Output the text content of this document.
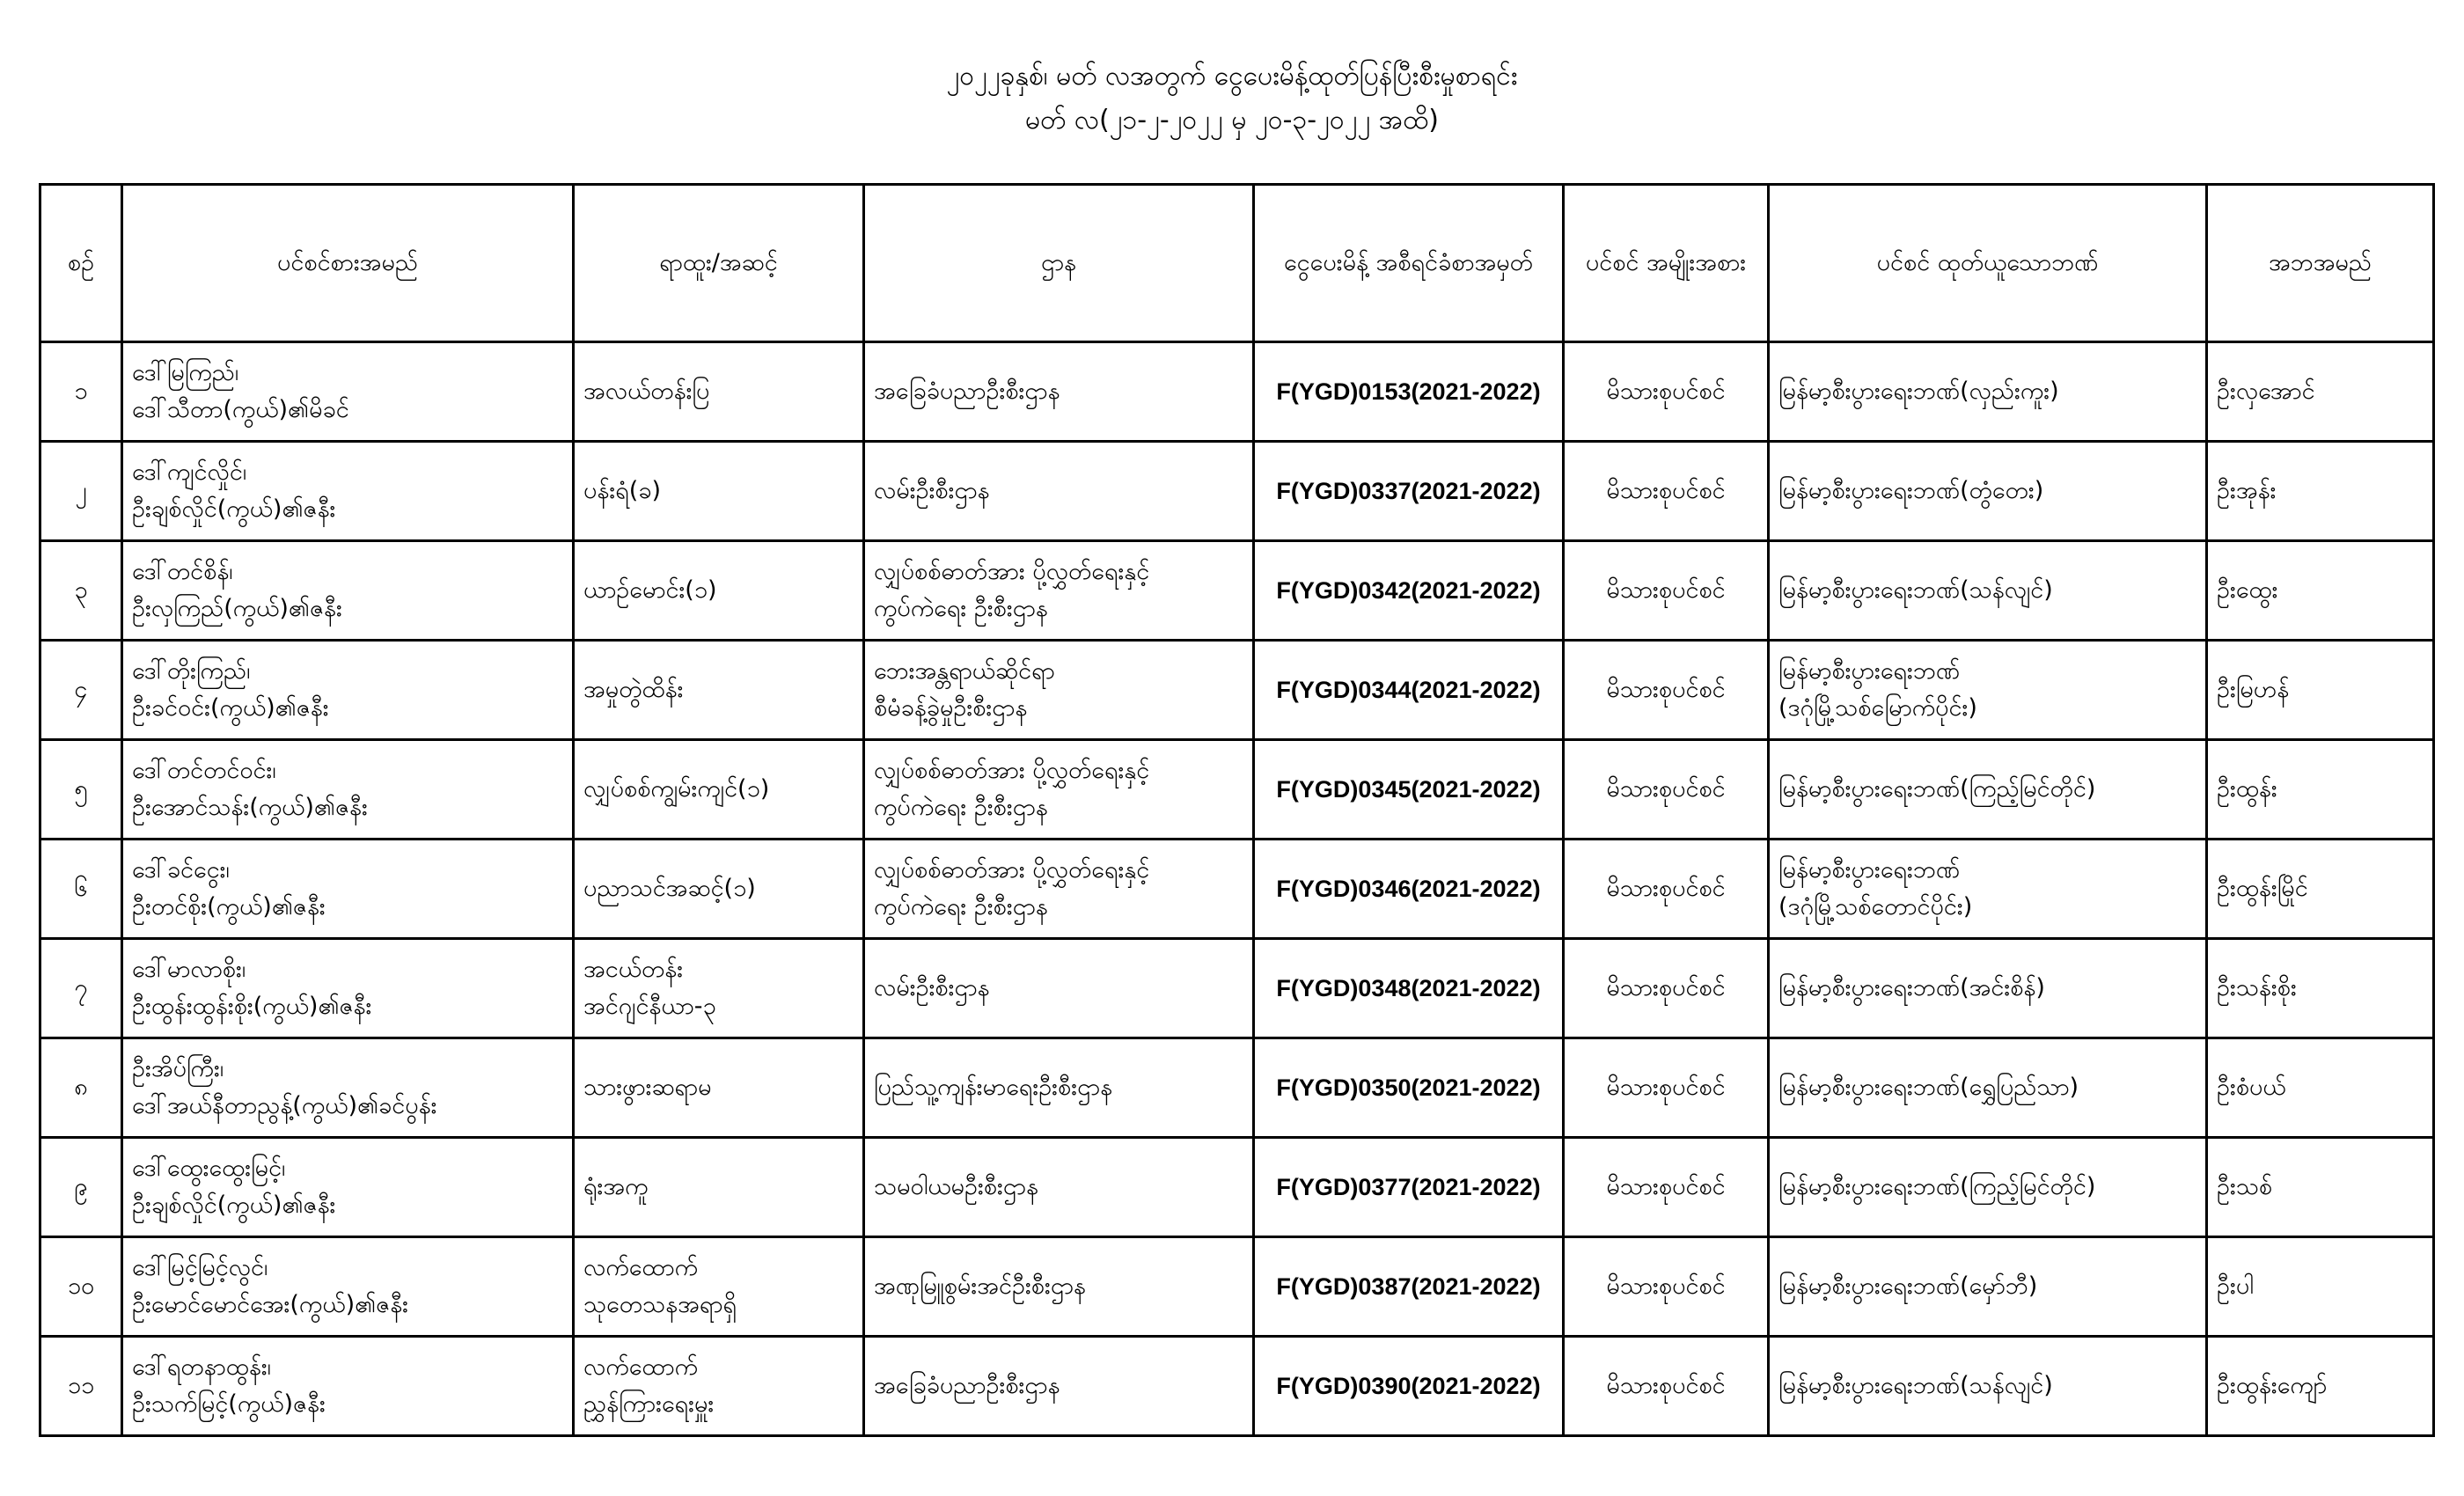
၂၀၂၂ခုနှစ်၊ မတ် လအတွက် ငွေပေးမိန့်ထုတ်ပြန်ပြီးစီးမှုစာရင်း

မတ် လ(၂၁-၂-၂၀၂၂ မှ ၂၀-၃-၂၀၂၂ အထိ)

စဉ်	ပင်စင်စားအမည်	ရာထူး/အဆင့်	ဌာန	ငွေပေးမိန့် အစီရင်ခံစာအမှတ်	ပင်စင် အမျိုးအစား	ပင်စင် ထုတ်ယူသောဘဏ်	အဘအမည်

၁	ဒေါ်မြကြည်၊
ဒေါ်သီတာ(ကွယ်)၏မိခင်	အလယ်တန်းပြ	အခြေခံပညာဦးစီးဌာန	F(YGD)0153(2021-2022)	မိသားစုပင်စင်	မြန်မာ့စီးပွားရေးဘဏ်(လှည်းကူး)	ဦးလှအောင်

၂	ဒေါ်ကျင်လှိုင်၊
ဦးချစ်လှိုင်(ကွယ်)၏ဇနီး	ပန်းရံ(ခ)	လမ်းဦးစီးဌာန	F(YGD)0337(2021-2022)	မိသားစုပင်စင်	မြန်မာ့စီးပွားရေးဘဏ်(တွံတေး)	ဦးအုန်း

၃	ဒေါ်တင်စိန်၊
ဦးလှကြည်(ကွယ်)၏ဇနီး	ယာဉ်မောင်း(၁)	လျှပ်စစ်ဓာတ်အား ပို့လွှတ်ရေးနှင့်
ကွပ်ကဲရေး ဦးစီးဌာန	F(YGD)0342(2021-2022)	မိသားစုပင်စင်	မြန်မာ့စီးပွားရေးဘဏ်(သန်လျင်)	ဦးထွေး

၄	ဒေါ်တိုးကြည်၊
ဦးခင်ဝင်း(ကွယ်)၏ဇနီး	အမှုတွဲထိန်း	ဘေးအန္တရာယ်ဆိုင်ရာ
စီမံခန့်ခွဲမှုဦးစီးဌာန	F(YGD)0344(2021-2022)	မိသားစုပင်စင်	မြန်မာ့စီးပွားရေးဘဏ်
(ဒဂုံမြို့သစ်မြောက်ပိုင်း)	ဦးမြဟန်

၅	ဒေါ်တင်တင်ဝင်း၊
ဦးအောင်သန်း(ကွယ်)၏ဇနီး	လျှပ်စစ်ကျွမ်းကျင်(၁)	လျှပ်စစ်ဓာတ်အား ပို့လွှတ်ရေးနှင့်
ကွပ်ကဲရေး ဦးစီးဌာန	F(YGD)0345(2021-2022)	မိသားစုပင်စင်	မြန်မာ့စီးပွားရေးဘဏ်(ကြည့်မြင်တိုင်)	ဦးထွန်း

၆	ဒေါ်ခင်ငွေး၊
ဦးတင်စိုး(ကွယ်)၏ဇနီး	ပညာသင်အဆင့်(၁)	လျှပ်စစ်ဓာတ်အား ပို့လွှတ်ရေးနှင့်
ကွပ်ကဲရေး ဦးစီးဌာန	F(YGD)0346(2021-2022)	မိသားစုပင်စင်	မြန်မာ့စီးပွားရေးဘဏ်
(ဒဂုံမြို့သစ်တောင်ပိုင်း)	ဦးထွန်းမြိုင်

၇	ဒေါ်မာလာစိုး၊
ဦးထွန်းထွန်းစိုး(ကွယ်)၏ဇနီး	အငယ်တန်း
အင်ဂျင်နီယာ-၃	လမ်းဦးစီးဌာန	F(YGD)0348(2021-2022)	မိသားစုပင်စင်	မြန်မာ့စီးပွားရေးဘဏ်(အင်းစိန်)	ဦးသန်းစိုး

၈	ဦးအိပ်ကြီး၊
ဒေါ်အယ်နီတာညွန့်(ကွယ်)၏ခင်ပွန်း	သားဖွားဆရာမ	ပြည်သူ့ကျန်းမာရေးဦးစီးဌာန	F(YGD)0350(2021-2022)	မိသားစုပင်စင်	မြန်မာ့စီးပွားရေးဘဏ်(ရွှေပြည်သာ)	ဦးစံပယ်

၉	ဒေါ်ထွေးထွေးမြင့်၊
ဦးချစ်လှိုင်(ကွယ်)၏ဇနီး	ရုံးအကူ	သမဝါယမဦးစီးဌာန	F(YGD)0377(2021-2022)	မိသားစုပင်စင်	မြန်မာ့စီးပွားရေးဘဏ်(ကြည့်မြင်တိုင်)	ဦးသစ်

၁၀	ဒေါ်မြင့်မြင့်လွင်၊
ဦးမောင်မောင်အေး(ကွယ်)၏ဇနီး	လက်ထောက်
သုတေသနအရာရှိ	အဏုမြူစွမ်းအင်ဦးစီးဌာန	F(YGD)0387(2021-2022)	မိသားစုပင်စင်	မြန်မာ့စီးပွားရေးဘဏ်(မှော်ဘီ)	ဦးပါ

၁၁	ဒေါ်ရတနာထွန်း၊
ဦးသက်မြင့်(ကွယ်)ဇနီး	လက်ထောက်
ညွှန်ကြားရေးမှူး	အခြေခံပညာဦးစီးဌာန	F(YGD)0390(2021-2022)	မိသားစုပင်စင်	မြန်မာ့စီးပွားရေးဘဏ်(သန်လျင်)	ဦးထွန်းကျော်
